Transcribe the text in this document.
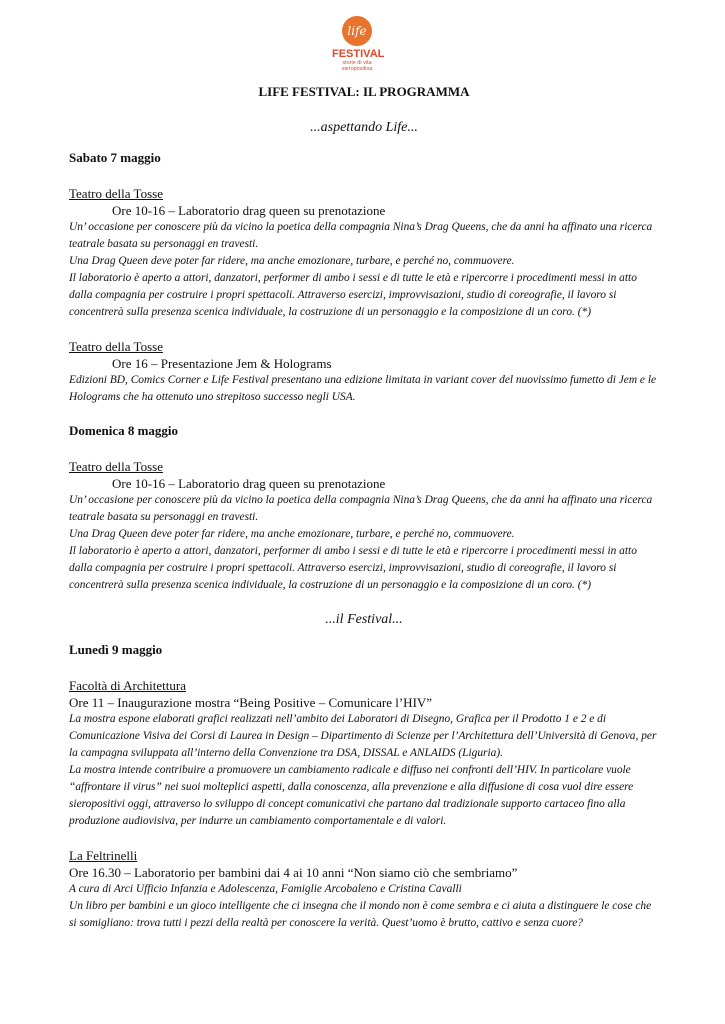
life
FESTIVAL
storie di vita sieropositiva
LIFE FESTIVAL: IL PROGRAMMA
...aspettando Life...
Sabato 7 maggio
Teatro della Tosse
Ore 10-16 – Laboratorio drag queen su prenotazione

Un’ occasione per conoscere più da vicino la poetica della compagnia Nina’s Drag Queens, che da anni ha affinato una ricerca teatrale basata su personaggi en travesti.

Una Drag Queen deve poter far ridere, ma anche emozionare, turbare, e perché no, commuovere.

Il laboratorio è aperto a attori, danzatori, performer di ambo i sessi e di tutte le età e ripercorre i procedimenti messi in atto dalla compagnia per costruire i propri spettacoli. Attraverso esercizi, improvvisazioni, studio di coreografie, il lavoro si concentrerà sulla presenza scenica individuale, la costruzione di un personaggio e la composizione di un coro. (*)

Teatro della Tosse
Ore 16 – Presentazione Jem & Holograms

Edizioni BD, Comics Corner e Life Festival presentano una edizione limitata in variant cover del nuovissimo fumetto di Jem e le Holograms che ha ottenuto uno strepitoso successo negli USA.

Domenica 8 maggio
Teatro della Tosse
Ore 10-16 – Laboratorio drag queen su prenotazione

Un’ occasione per conoscere più da vicino la poetica della compagnia Nina’s Drag Queens, che da anni ha affinato una ricerca teatrale basata su personaggi en travesti.

Una Drag Queen deve poter far ridere, ma anche emozionare, turbare, e perché no, commuovere.

Il laboratorio è aperto a attori, danzatori, performer di ambo i sessi e di tutte le età e ripercorre i procedimenti messi in atto dalla compagnia per costruire i propri spettacoli. Attraverso esercizi, improvvisazioni, studio di coreografie, il lavoro si concentrerà sulla presenza scenica individuale, la costruzione di un personaggio e la composizione di un coro. (*)

...il Festival...
Lunedì 9 maggio
Facoltà di Architettura
Ore 11 – Inaugurazione mostra “Being Positive – Comunicare l’HIV”

La mostra espone elaborati grafici realizzati nell’ambito dei Laboratori di Disegno, Grafica per il Prodotto 1 e 2 e di Comunicazione Visiva dei Corsi di Laurea in Design – Dipartimento di Scienze per l’Architettura dell’Università di Genova, per la campagna sviluppata all’interno della Convenzione tra DSA, DISSAL e ANLAIDS (Liguria).

La mostra intende contribuire a promuovere un cambiamento radicale e diffuso nei confronti dell’HIV. In particolare vuole “affrontare il virus” nei suoi molteplici aspetti, dalla conoscenza, alla prevenzione e alla diffusione di cosa vuol dire essere sieropositivi oggi, attraverso lo sviluppo di concept comunicativi che partano dal tradizionale supporto cartaceo fino alla produzione audiovisiva, per indurre un cambiamento comportamentale e di valori.

La Feltrinelli
Ore 16.30 – Laboratorio per bambini dai 4 ai 10 anni “Non siamo ciò che sembriamo”

A cura di Arci Ufficio Infanzia e Adolescenza, Famiglie Arcobaleno e Cristina Cavalli

Un libro per bambini e un gioco intelligente che ci insegna che il mondo non è come sembra e ci aiuta a distinguere le cose che si somigliano: trova tutti i pezzi della realtà per conoscere la verità. Quest’uomo è brutto, cattivo e senza cuore?
